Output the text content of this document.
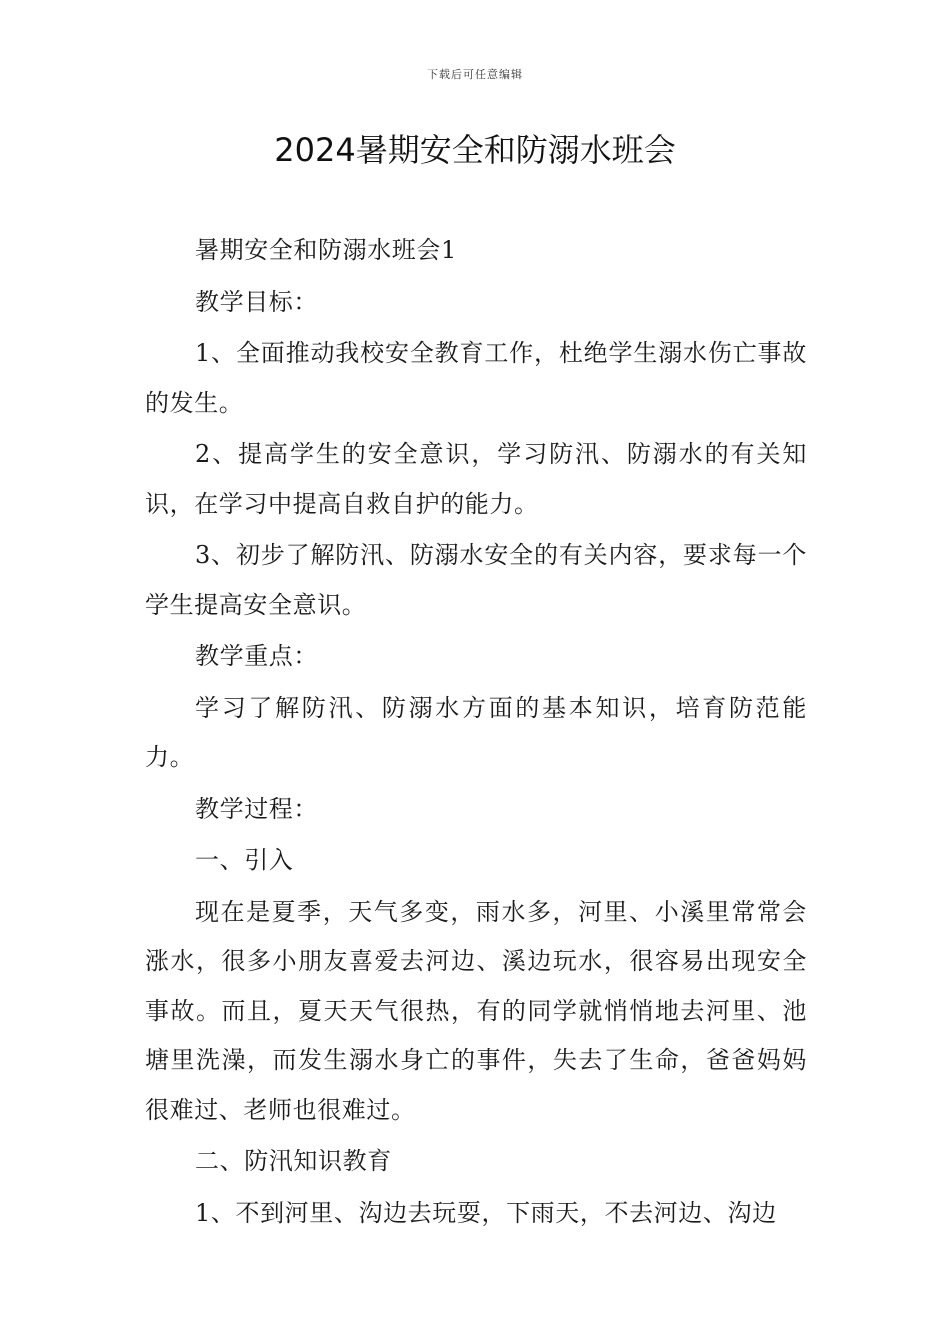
下载后可任意编辑
2024暑期安全和防溺水班会

暑期安全和防溺水班会1

教学目标：

1、全面推动我校安全教育工作，杜绝学生溺水伤亡事故的发生。

2、提高学生的安全意识，学习防汛、防溺水的有关知识，在学习中提高自救自护的能力。

3、初步了解防汛、防溺水安全的有关内容，要求每一个学生提高安全意识。

教学重点：

学习了解防汛、防溺水方面的基本知识，培育防范能力。

教学过程：

一、引入

现在是夏季，天气多变，雨水多，河里、小溪里常常会涨水，很多小朋友喜爱去河边、溪边玩水，很容易出现安全事故。而且，夏天天气很热，有的同学就悄悄地去河里、池塘里洗澡，而发生溺水身亡的事件，失去了生命，爸爸妈妈很难过、老师也很难过。

二、防汛知识教育

1、不到河里、沟边去玩耍，下雨天，不去河边、沟边
